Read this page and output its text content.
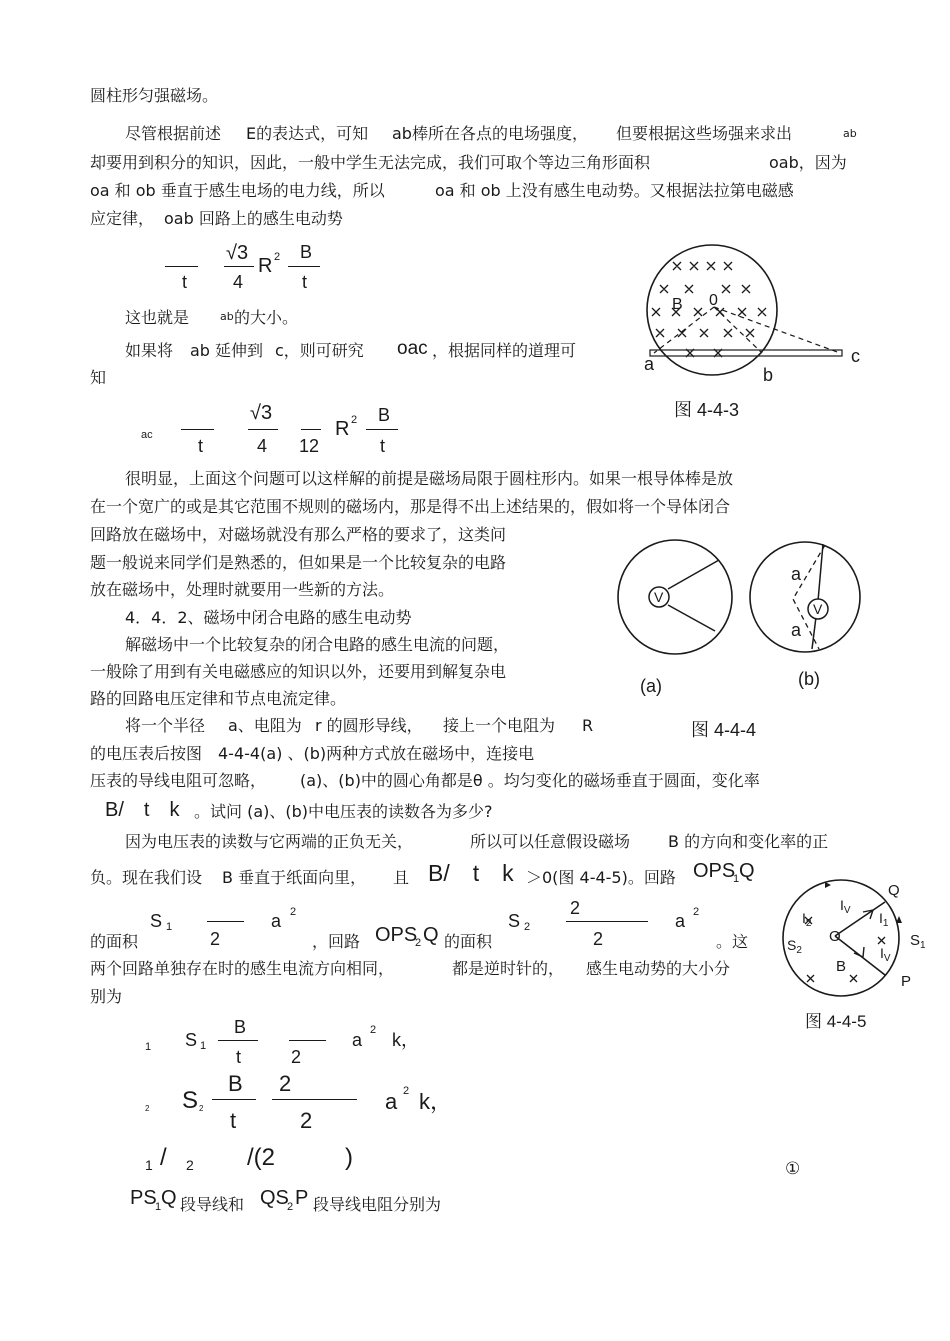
圆柱形匀强磁场。
尽管根据前述 E的表达式，可知 ab棒所在各点的电场强度， 但要根据这些场强来求出	ab
却要用到积分的知识，因此，一般中学生无法完成，我们可取个等边三角形面积	oab，因为
oa 和 ob 垂直于感生电场的电力线，所以	oa 和 ob 上没有感生电动势。又根据法拉第电磁感
应定律， oab 回路上的感生电动势
t
√3
4
R 2 B
t
这也就是	ab 的大小。
如果将 ab 延伸到 c，则可研究 oac ，根据同样的道理可
知
ac
t
√3
4 12
R 2 B
t
很明显，上面这个问题可以这样解的前提是磁场局限于圆柱形内。如果一根导体棒是放
在一个宽广的或是其它范围不规则的磁场内，那是得不出上述结果的，假如将一个导体闭合
回路放在磁场中，对磁场就没有那么严格的要求了，这类问
题一般说来同学们是熟悉的，但如果是一个比较复杂的电路
放在磁场中，处理时就要用一些新的方法。
4．4．2、磁场中闭合电路的感生电动势
解磁场中一个比较复杂的闭合电路的感生电流的问题，
一般除了用到有关电磁感应的知识以外，还要用到解复杂电
路的回路电压定律和节点电流定律。
将一个半径 a、电阻为 r 的圆形导线， 接上一个电阻为 R
的电压表后按图　4-4-4(a) 、(b)两种方式放在磁场中，连接电
压表的导线电阻可忽略， (a)、(b)中的圆心角都是θ 。均匀变化的磁场垂直于圆面，变化率
B/　t　k 。试问 (a)、(b)中电压表的读数各为多少?
因为电压表的读数与它两端的正负无关，	所以可以任意假设磁场 B 的方向和变化率的正
负。现在我们设 B 垂直于纸面向里， 且 B/　t　k ＞0(图 4-4-5)。回路 OPS
1 Q
S 1
2
a 2
的面积	，回路 OPS
2 Q 的面积
S 2
2
2
a 2
。这
两个回路单独存在时的感生电流方向相同，	都是逆时针的， 感生电动势的大小分
别为
1 S 1
B
t	2
a 2 k，
2 S 2
B
t
2
2
a 2 k，
1 / 2 /(2	)	①
PS
1 Q 段导线和 QS
2 P 段导线电阻分别为
B 0
a
b
c
图 4-4-3
V
(a)
V
a
a
(b)
图 4-4-4
Q
$I_V$
$I_2$	$I_1$
$S_2$
O	$S_1$
B
$I_V$
P
图 4-4-5
